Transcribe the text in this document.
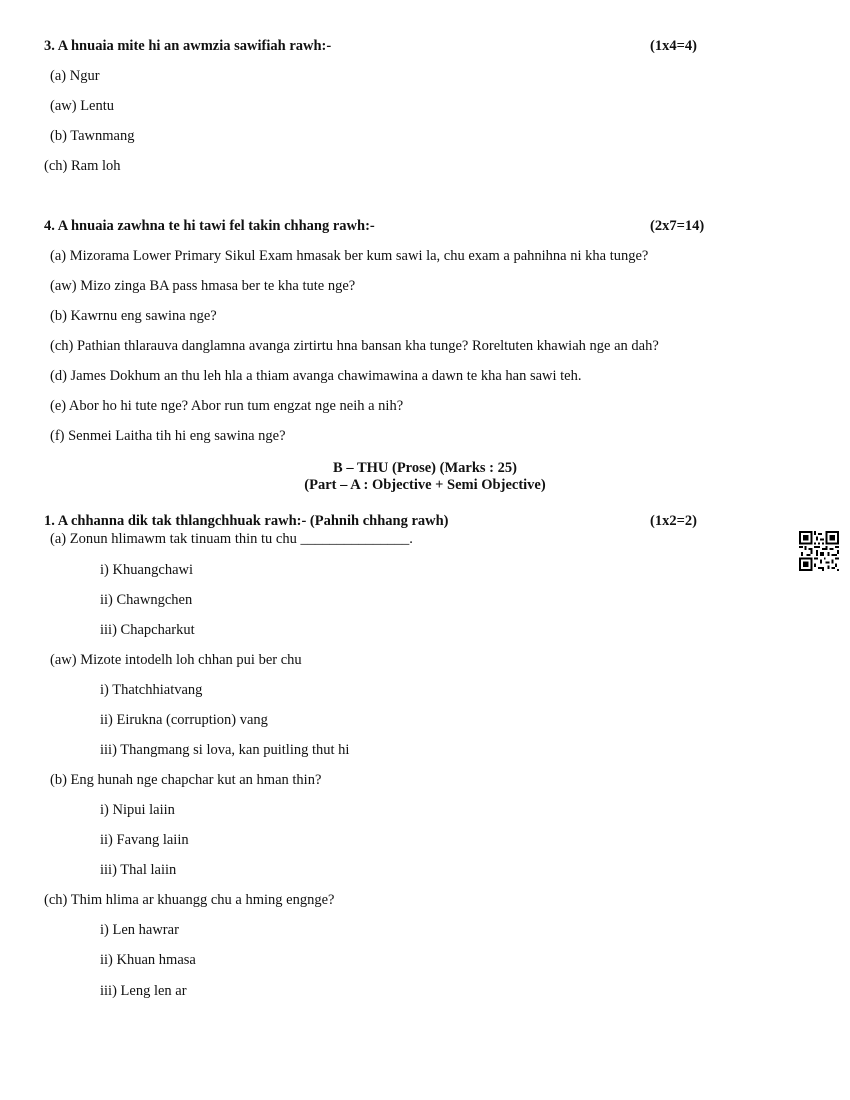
3. A hnuaia mite hi an awmzia sawifiah rawh:-	(1x4=4)
(a) Ngur
(aw) Lentu
(b) Tawnmang
(ch) Ram loh
4. A hnuaia zawhna te hi tawi fel takin chhang rawh:-	(2x7=14)
(a) Mizorama Lower Primary Sikul Exam hmasak ber kum sawi la, chu exam a pahnihna ni kha tunge?
(aw) Mizo zinga BA pass hmasa ber te kha tute nge?
(b) Kawrnu eng sawina nge?
(ch) Pathian thlarauva danglamna avanga zirtirtu hna bansan kha tunge? Roreltuten khawiah nge an dah?
(d) James Dokhum an thu leh hla a thiam avanga chawimawina a dawn te kha han sawi teh.
(e) Abor ho hi tute nge? Abor run tum engzat nge neih a nih?
(f) Senmei Laitha tih hi eng sawina nge?
B – THU (Prose) (Marks : 25)
(Part – A : Objective + Semi Objective)
1. A chhanna dik tak thlangchhuak rawh:- (Pahnih chhang rawh)	(1x2=2)
(a) Zonun hlimawm tak tinuam thin tu chu _______________.
i) Khuangchawi
ii) Chawngchen
iii) Chapcharkut
(aw) Mizote intodelh loh chhan pui ber chu
i) Thatchhiatvang
ii) Eirukna (corruption) vang
iii) Thangmang si lova, kan puitling thut hi
(b) Eng hunah nge chapchar kut an hman thin?
i) Nipui laiin
ii) Favang laiin
iii) Thal laiin
(ch) Thim hlima ar khuangg chu a hming engnge?
i) Len hawrar
ii) Khuan hmasa
iii) Leng len ar
